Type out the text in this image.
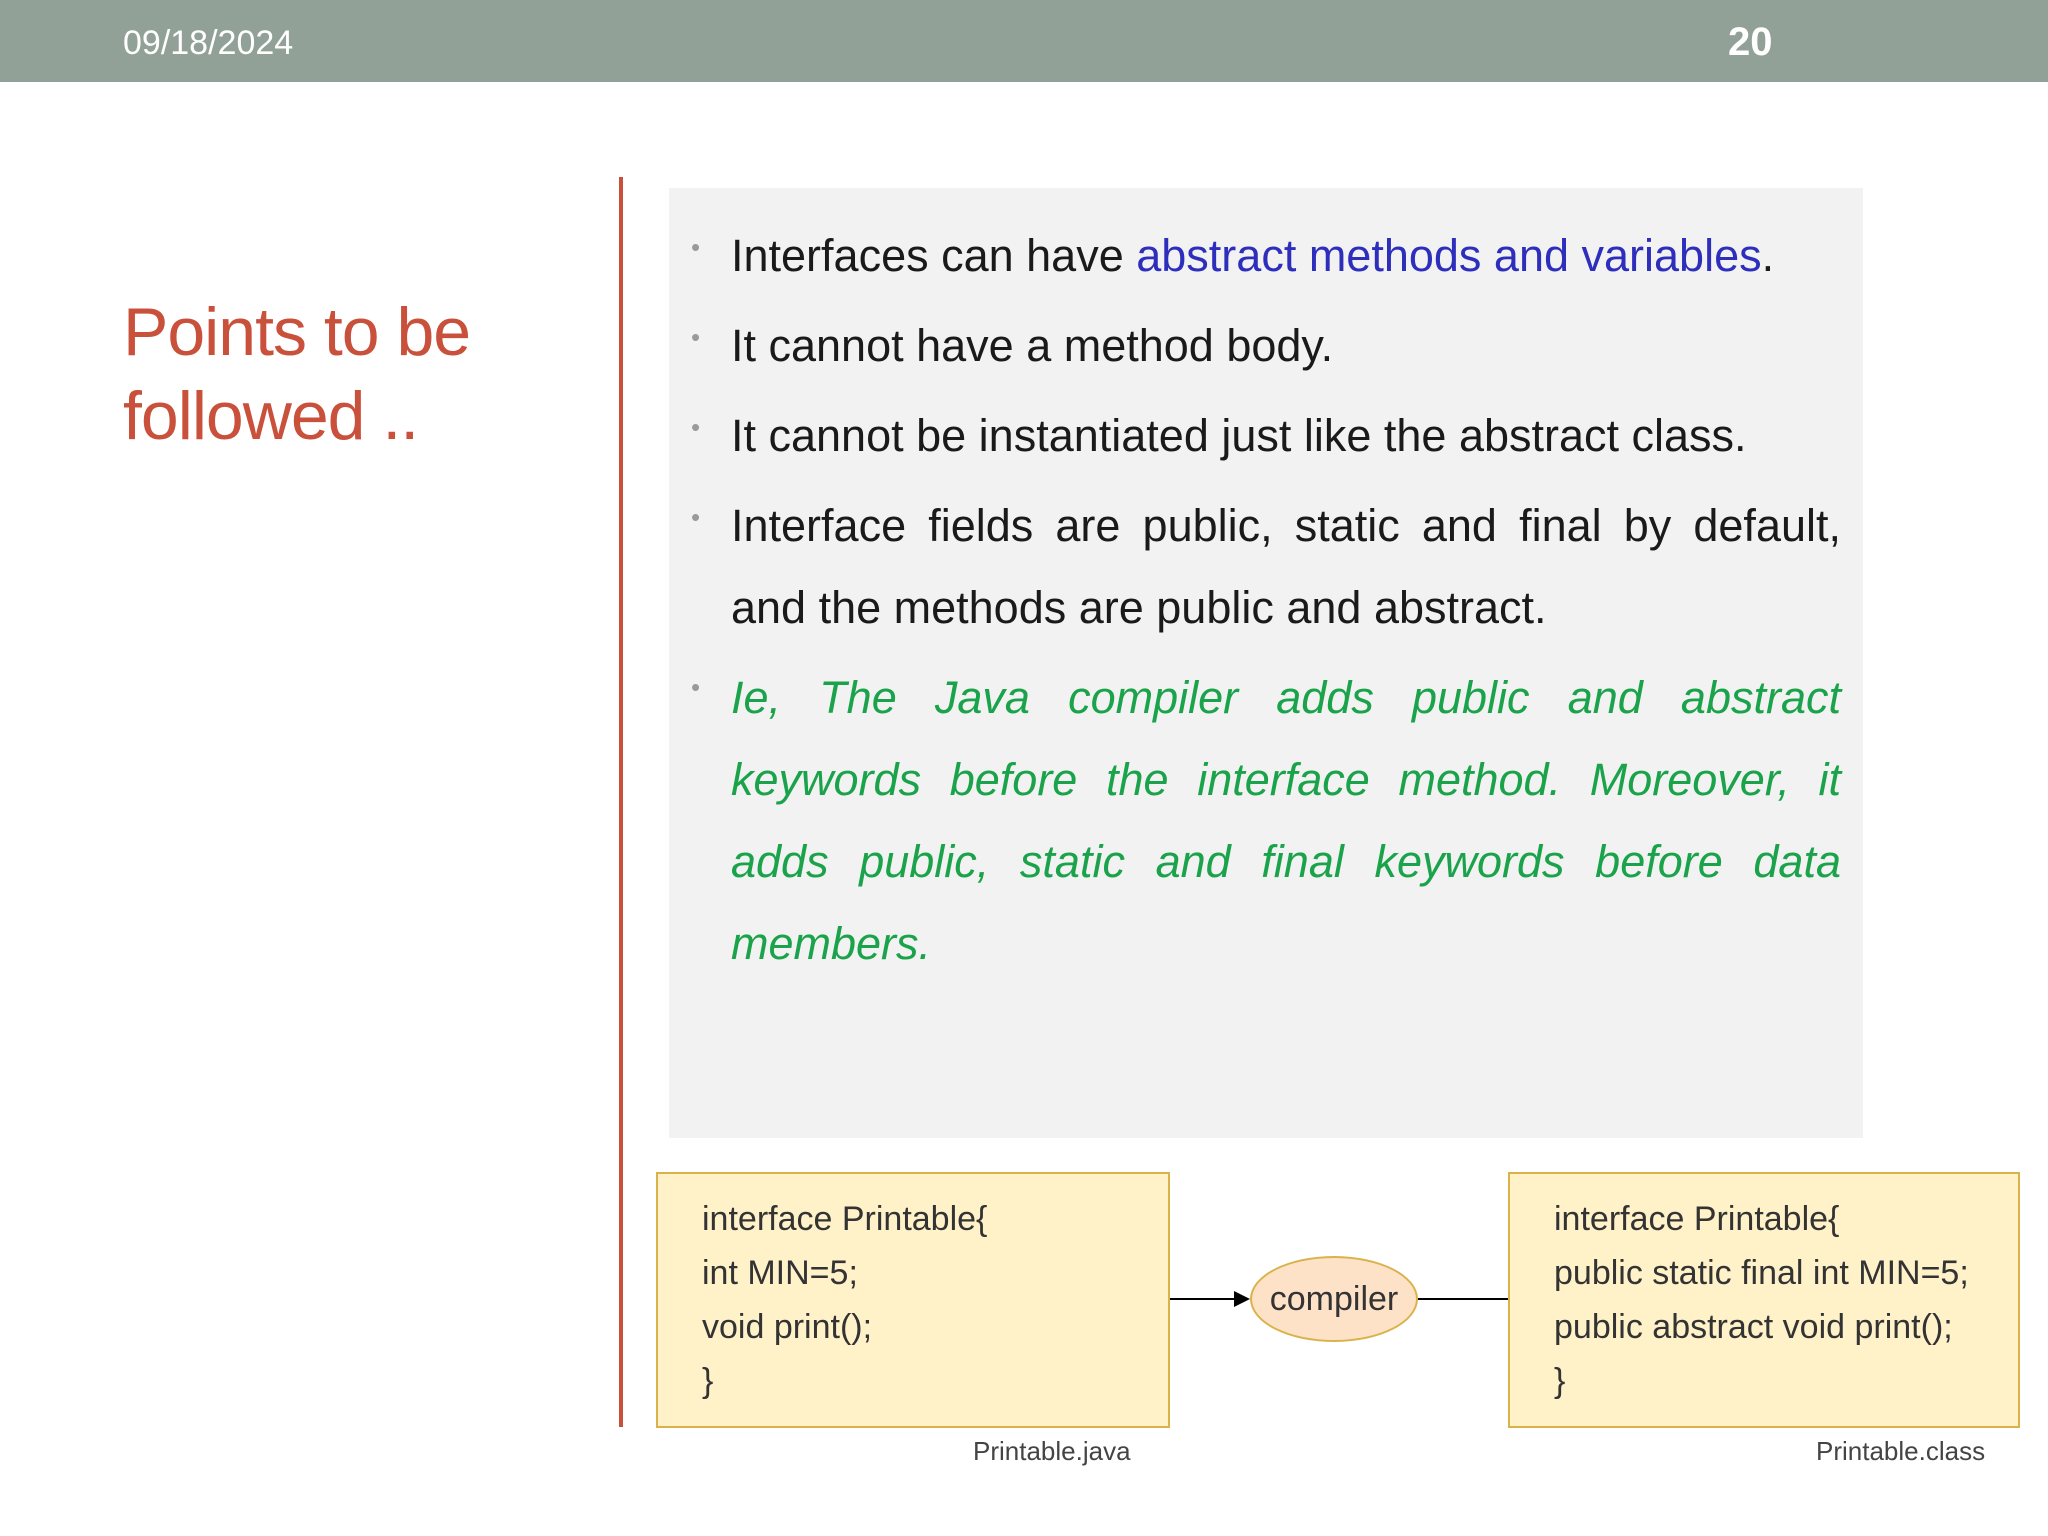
09/18/2024	20
Points to be
followed ..
• Interfaces can have abstract methods and variables.
• It cannot have a method body.
• It cannot be instantiated just like the abstract class.
• Interface fields are public, static and final by default,
and the methods are public and abstract.
• Ie, The Java compiler adds public and abstract
keywords before the interface method. Moreover, it
adds public, static and final keywords before data
members.
interface Printable{
int MIN=5;
void print();
}
compiler
interface Printable{
public static final int MIN=5;
public abstract void print();
}
Printable.java	Printable.class
